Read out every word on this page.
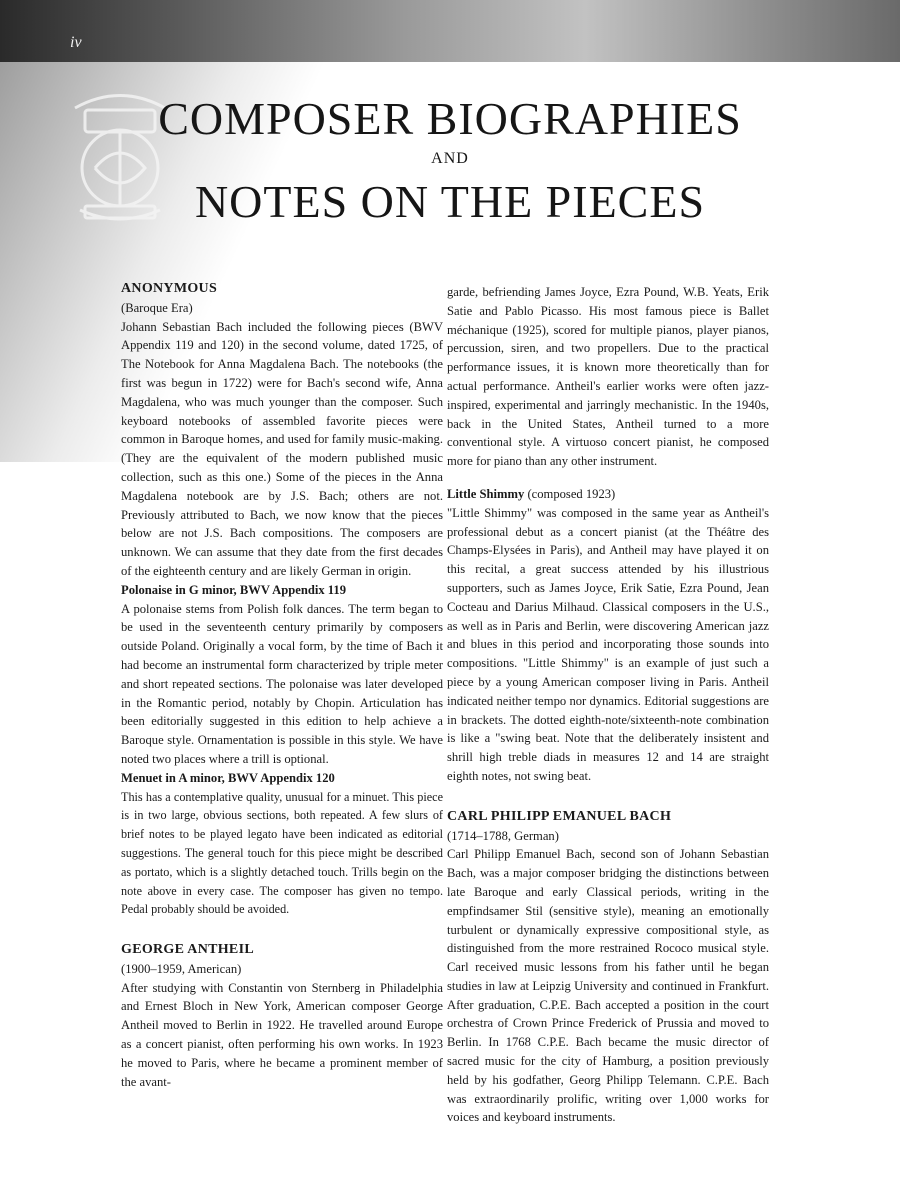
iv
COMPOSER BIOGRAPHIES
AND
NOTES ON THE PIECES

ANONYMOUS

(Baroque Era)

Johann Sebastian Bach included the following pieces (BWV Appendix 119 and 120) in the second volume, dated 1725, of The Notebook for Anna Magdalena Bach. The notebooks (the first was begun in 1722) were for Bach's second wife, Anna Magdalena, who was much younger than the composer. Such keyboard notebooks of assembled favorite pieces were common in Baroque homes, and used for family music-making. (They are the equivalent of the modern published music collection, such as this one.) Some of the pieces in the Anna Magdalena notebook are by J.S. Bach; others are not. Previously attributed to Bach, we now know that the pieces below are not J.S. Bach compositions. The composers are unknown. We can assume that they date from the first decades of the eighteenth century and are likely German in origin.

Polonaise in G minor, BWV Appendix 119

A polonaise stems from Polish folk dances. The term began to be used in the seventeenth century primarily by composers outside Poland. Originally a vocal form, by the time of Bach it had become an instrumental form characterized by triple meter and short repeated sections. The polonaise was later developed in the Romantic period, notably by Chopin. Articulation has been editorially suggested in this edition to help achieve a Baroque style. Ornamentation is possible in this style. We have noted two places where a trill is optional.

Menuet in A minor, BWV Appendix 120

This has a contemplative quality, unusual for a minuet. This piece is in two large, obvious sections, both repeated. A few slurs of brief notes to be played legato have been indicated as editorial suggestions. The general touch for this piece might be described as portato, which is a slightly detached touch. Trills begin on the note above in every case. The composer has given no tempo. Pedal probably should be avoided.

GEORGE ANTHEIL

(1900–1959, American)

After studying with Constantin von Sternberg in Philadelphia and Ernest Bloch in New York, American composer George Antheil moved to Berlin in 1922. He travelled around Europe as a concert pianist, often performing his own works. In 1923 he moved to Paris, where he became a prominent member of the avant-

garde, befriending James Joyce, Ezra Pound, W.B. Yeats, Erik Satie and Pablo Picasso. His most famous piece is Ballet méchanique (1925), scored for multiple pianos, player pianos, percussion, siren, and two propellers. Due to the practical performance issues, it is known more theoretically than for actual performance. Antheil's earlier works were often jazz-inspired, experimental and jarringly mechanistic. In the 1940s, back in the United States, Antheil turned to a more conventional style. A virtuoso concert pianist, he composed more for piano than any other instrument.

Little Shimmy (composed 1923)

"Little Shimmy" was composed in the same year as Antheil's professional debut as a concert pianist (at the Théâtre des Champs-Elysées in Paris), and Antheil may have played it on this recital, a great success attended by his illustrious supporters, such as James Joyce, Erik Satie, Ezra Pound, Jean Cocteau and Darius Milhaud. Classical composers in the U.S., as well as in Paris and Berlin, were discovering American jazz and blues in this period and incorporating those sounds into compositions. "Little Shimmy" is an example of just such a piece by a young American composer living in Paris. Antheil indicated neither tempo nor dynamics. Editorial suggestions are in brackets. The dotted eighth-note/sixteenth-note combination is like a "swing beat. Note that the deliberately insistent and shrill high treble diads in measures 12 and 14 are straight eighth notes, not swing beat.

CARL PHILIPP EMANUEL BACH

(1714–1788, German)

Carl Philipp Emanuel Bach, second son of Johann Sebastian Bach, was a major composer bridging the distinctions between late Baroque and early Classical periods, writing in the empfindsamer Stil (sensitive style), meaning an emotionally turbulent or dynamically expressive compositional style, as distinguished from the more restrained Rococo musical style. Carl received music lessons from his father until he began studies in law at Leipzig University and continued in Frankfurt. After graduation, C.P.E. Bach accepted a position in the court orchestra of Crown Prince Frederick of Prussia and moved to Berlin. In 1768 C.P.E. Bach became the music director of sacred music for the city of Hamburg, a position previously held by his godfather, Georg Philipp Telemann. C.P.E. Bach was extraordinarily prolific, writing over 1,000 works for voices and keyboard instruments.
